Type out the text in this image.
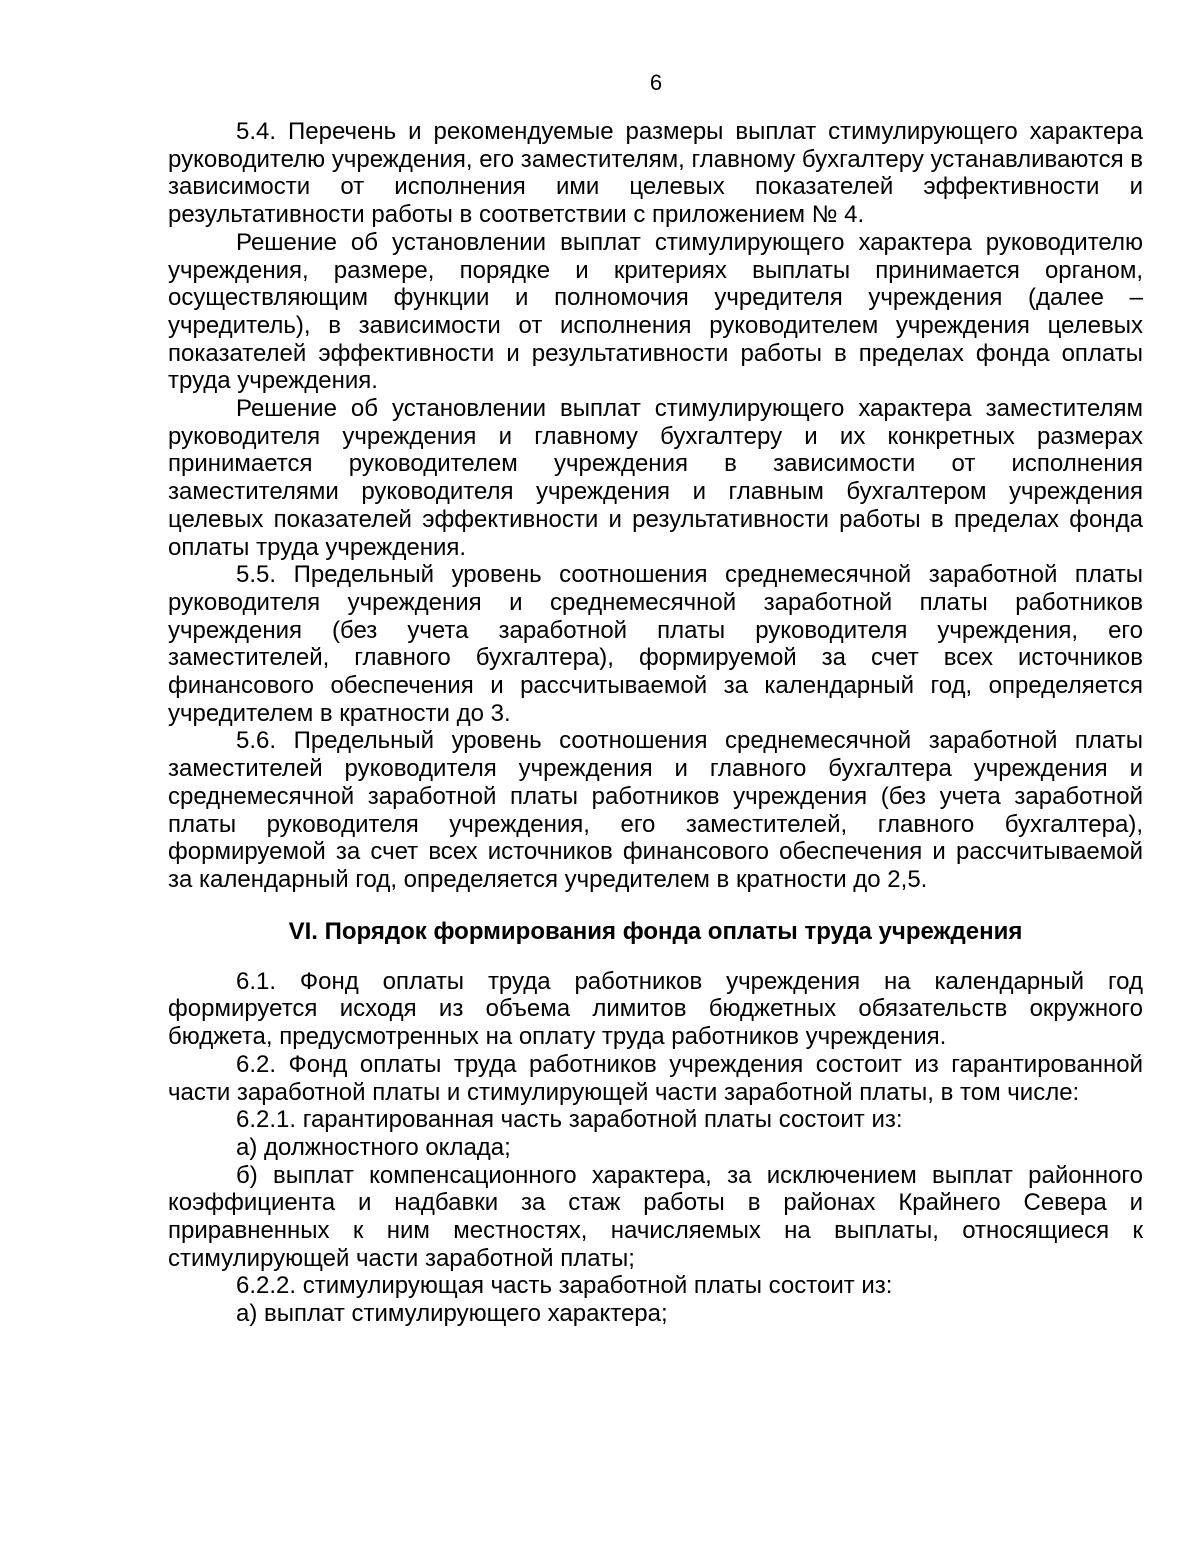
6

5.4. Перечень и рекомендуемые размеры выплат стимулирующего характера руководителю учреждения, его заместителям, главному бухгалтеру устанавливаются в зависимости от исполнения ими целевых показателей эффективности и результативности работы в соответствии с приложением № 4.

Решение об установлении выплат стимулирующего характера руководителю учреждения, размере, порядке и критериях выплаты принимается органом, осуществляющим функции и полномочия учредителя учреждения (далее – учредитель), в зависимости от исполнения руководителем учреждения целевых показателей эффективности и результативности работы в пределах фонда оплаты труда учреждения.

Решение об установлении выплат стимулирующего характера заместителям руководителя учреждения и главному бухгалтеру и их конкретных размерах принимается руководителем учреждения в зависимости от исполнения заместителями руководителя учреждения и главным бухгалтером учреждения целевых показателей эффективности и результативности работы в пределах фонда оплаты труда учреждения.

5.5. Предельный уровень соотношения среднемесячной заработной платы руководителя учреждения и среднемесячной заработной платы работников учреждения (без учета заработной платы руководителя учреждения, его заместителей, главного бухгалтера), формируемой за счет всех источников финансового обеспечения и рассчитываемой за календарный год, определяется учредителем в кратности до 3.

5.6. Предельный уровень соотношения среднемесячной заработной платы заместителей руководителя учреждения и главного бухгалтера учреждения и среднемесячной заработной платы работников учреждения (без учета заработной платы руководителя учреждения, его заместителей, главного бухгалтера), формируемой за счет всех источников финансового обеспечения и рассчитываемой за календарный год, определяется учредителем в кратности до 2,5.

VI. Порядок формирования фонда оплаты труда учреждения

6.1. Фонд оплаты труда работников учреждения на календарный год формируется исходя из объема лимитов бюджетных обязательств окружного бюджета, предусмотренных на оплату труда работников учреждения.

6.2. Фонд оплаты труда работников учреждения состоит из гарантированной части заработной платы и стимулирующей части заработной платы, в том числе:

6.2.1. гарантированная часть заработной платы состоит из:

а) должностного оклада;

б) выплат компенсационного характера, за исключением выплат районного коэффициента и надбавки за стаж работы в районах Крайнего Севера и приравненных к ним местностях, начисляемых на выплаты, относящиеся к стимулирующей части заработной платы;

6.2.2. стимулирующая часть заработной платы состоит из:

а) выплат стимулирующего характера;
